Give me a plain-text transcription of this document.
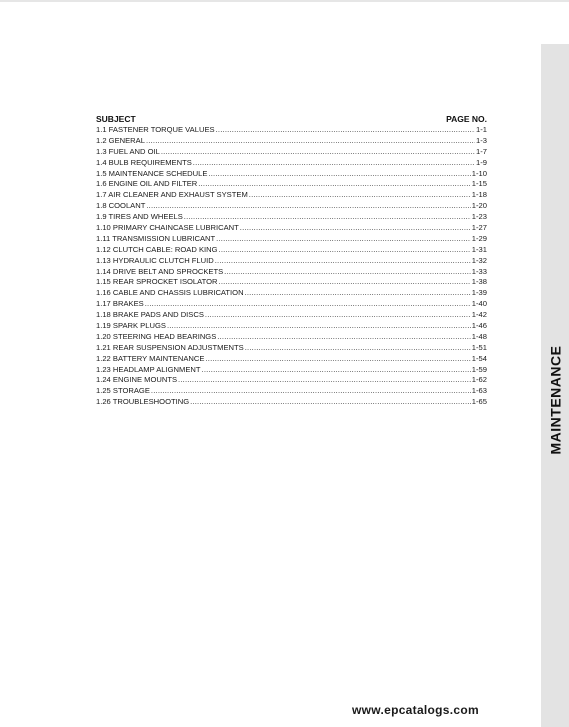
MAINTENANCE
SUBJECT	PAGE NO.
1.1 FASTENER TORQUE VALUES .....	1-1
1.2 GENERAL .....	1-3
1.3 FUEL AND OIL .....	1-7
1.4 BULB REQUIREMENTS .....	1-9
1.5 MAINTENANCE SCHEDULE .....	1-10
1.6 ENGINE OIL AND FILTER .....	1-15
1.7 AIR CLEANER AND EXHAUST SYSTEM .....	1-18
1.8 COOLANT .....	1-20
1.9 TIRES AND WHEELS .....	1-23
1.10 PRIMARY CHAINCASE LUBRICANT .....	1-27
1.11 TRANSMISSION LUBRICANT .....	1-29
1.12 CLUTCH CABLE: ROAD KING .....	1-31
1.13 HYDRAULIC CLUTCH FLUID .....	1-32
1.14 DRIVE BELT AND SPROCKETS .....	1-33
1.15 REAR SPROCKET ISOLATOR .....	1-38
1.16 CABLE AND CHASSIS LUBRICATION .....	1-39
1.17 BRAKES .....	1-40
1.18 BRAKE PADS AND DISCS .....	1-42
1.19 SPARK PLUGS .....	1-46
1.20 STEERING HEAD BEARINGS .....	1-48
1.21 REAR SUSPENSION ADJUSTMENTS .....	1-51
1.22 BATTERY MAINTENANCE .....	1-54
1.23 HEADLAMP ALIGNMENT .....	1-59
1.24 ENGINE MOUNTS .....	1-62
1.25 STORAGE .....	1-63
1.26 TROUBLESHOOTING .....	1-65
www.epcatalogs.com
